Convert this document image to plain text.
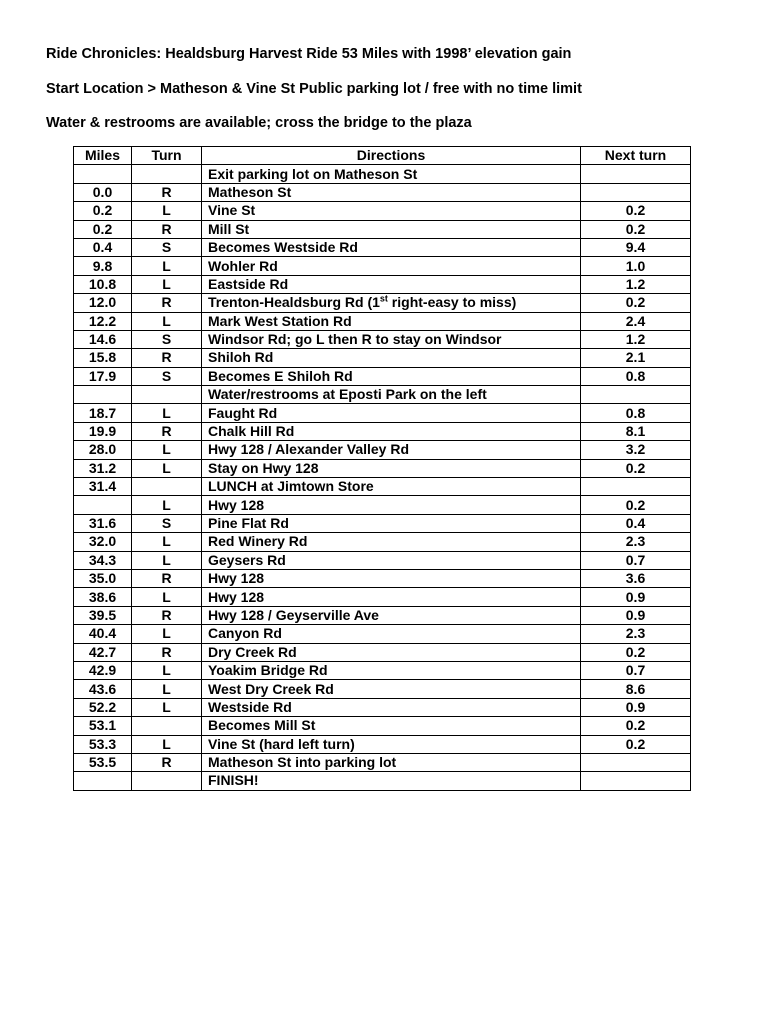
Ride Chronicles: Healdsburg Harvest Ride 53 Miles with 1998’ elevation gain
Start Location > Matheson & Vine St Public parking lot / free with no time limit
Water & restrooms are available; cross the bridge to the plaza
Miles	Turn	Directions	Next turn
		Exit parking lot on Matheson St	
0.0	R	Matheson St	
0.2	L	Vine St	0.2
0.2	R	Mill St	0.2
0.4	S	Becomes Westside Rd	9.4
9.8	L	Wohler Rd	1.0
10.8	L	Eastside Rd	1.2
12.0	R	Trenton-Healdsburg Rd (1st right-easy to miss)	0.2
12.2	L	Mark West Station Rd	2.4
14.6	S	Windsor Rd; go L then R to stay on Windsor	1.2
15.8	R	Shiloh Rd	2.1
17.9	S	Becomes E Shiloh Rd	0.8
		Water/restrooms at Eposti Park on the left	
18.7	L	Faught Rd	0.8
19.9	R	Chalk Hill Rd	8.1
28.0	L	Hwy 128 / Alexander Valley Rd	3.2
31.2	L	Stay on Hwy 128	0.2
31.4		LUNCH at Jimtown Store	
	L	Hwy 128	0.2
31.6	S	Pine Flat Rd	0.4
32.0	L	Red Winery Rd	2.3
34.3	L	Geysers Rd	0.7
35.0	R	Hwy 128	3.6
38.6	L	Hwy 128	0.9
39.5	R	Hwy 128 / Geyserville Ave	0.9
40.4	L	Canyon Rd	2.3
42.7	R	Dry Creek Rd	0.2
42.9	L	Yoakim Bridge Rd	0.7
43.6	L	West Dry Creek Rd	8.6
52.2	L	Westside Rd	0.9
53.1		Becomes Mill St	0.2
53.3	L	Vine St (hard left turn)	0.2
53.5	R	Matheson St into parking lot	
		FINISH!	
